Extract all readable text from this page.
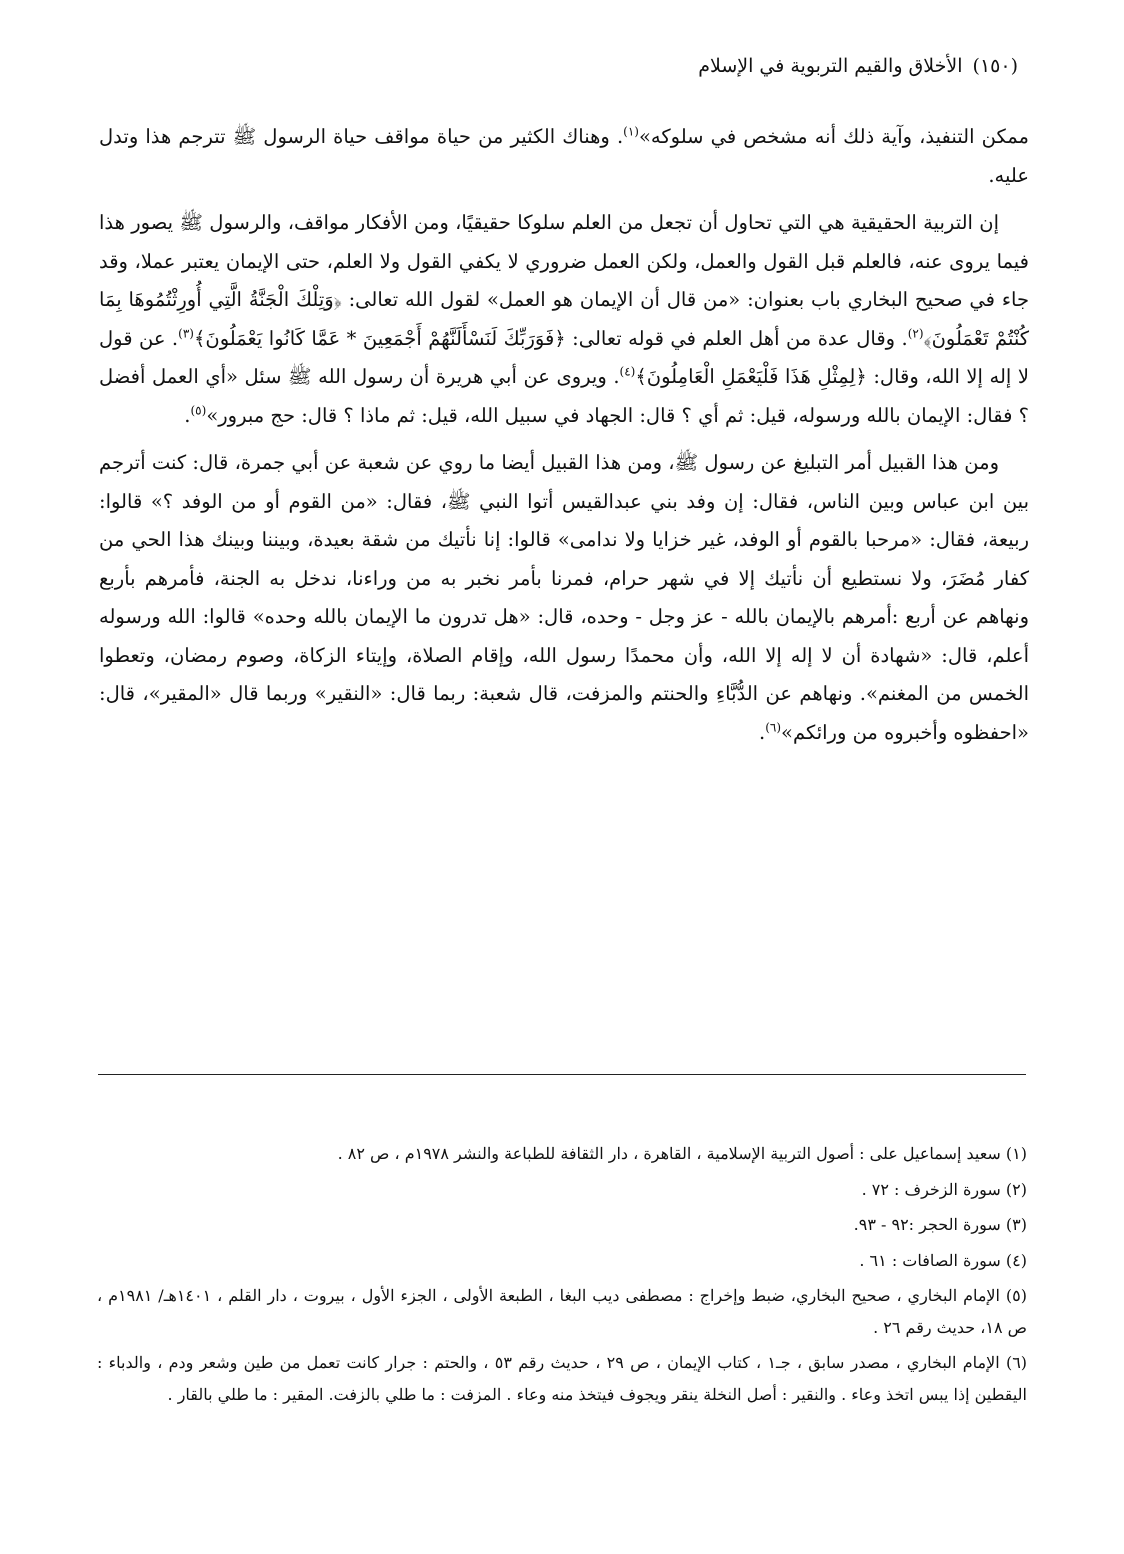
(١٥٠) الأخلاق والقيم التربوية في الإسلام

ممكن التنفيذ، وآية ذلك أنه مشخص في سلوكه»$^{(١)}$. وهناك الكثير من حياة مواقف حياة الرسول ﷺ تترجم هذا وتدل عليه.

إن التربية الحقيقية هي التي تحاول أن تجعل من العلم سلوكا حقيقيًا، ومن الأفكار مواقف، والرسول ﷺ يصور هذا فيما يروى عنه، فالعلم قبل القول والعمل، ولكن العمل ضروري لا يكفي القول ولا العلم، حتى الإيمان يعتبر عملا، وقد جاء في صحيح البخاري باب بعنوان: «من قال أن الإيمان هو العمل» لقول الله تعالى: ﴿وَتِلْكَ الْجَنَّةُ الَّتِي أُورِثْتُمُوهَا بِمَا كُنْتُمْ تَعْمَلُونَ﴾$^{(٢)}$. وقال عدة من أهل العلم في قوله تعالى: ﴿فَوَرَبِّكَ لَنَسْأَلَنَّهُمْ أَجْمَعِينَ * عَمَّا كَانُوا يَعْمَلُونَ﴾$^{(٣)}$. عن قول لا إله إلا الله، وقال: ﴿لِمِثْلِ هَذَا فَلْيَعْمَلِ الْعَامِلُونَ﴾$^{(٤)}$. ويروى عن أبي هريرة أن رسول الله ﷺ سئل «أي العمل أفضل ؟ فقال: الإيمان بالله ورسوله، قيل: ثم أي ؟ قال: الجهاد في سبيل الله، قيل: ثم ماذا ؟ قال: حج مبرور»$^{(٥)}$.

ومن هذا القبيل أمر التبليغ عن رسول ﷺ، ومن هذا القبيل أيضا ما روي عن شعبة عن أبي جمرة، قال: كنت أترجم بين ابن عباس وبين الناس، فقال: إن وفد بني عبدالقيس أتوا النبي ﷺ، فقال: «من القوم أو من الوفد ؟» قالوا: ربيعة، فقال: «مرحبا بالقوم أو الوفد، غير خزايا ولا ندامى» قالوا: إنا نأتيك من شقة بعيدة، وبيننا وبينك هذا الحي من كفار مُضَرَ، ولا نستطيع أن نأتيك إلا في شهر حرام، فمرنا بأمر نخبر به من وراءنا، ندخل به الجنة، فأمرهم بأربع ونهاهم عن أربع :أمرهم بالإيمان بالله - عز وجل - وحده، قال: «هل تدرون ما الإيمان بالله وحده» قالوا: الله ورسوله أعلم، قال: «شهادة أن لا إله إلا الله، وأن محمدًا رسول الله، وإقام الصلاة، وإيتاء الزكاة، وصوم رمضان، وتعطوا الخمس من المغنم». ونهاهم عن الدُّبَّاءِ والحنتم والمزفت، قال شعبة: ربما قال: «النقير» وربما قال «المقير»، قال: «احفظوه وأخبروه من ورائكم»$^{(٦)}$.

(١) سعيد إسماعيل على : أصول التربية الإسلامية ، القاهرة ، دار الثقافة للطباعة والنشر ١٩٧٨م ، ص ٨٢ .

(٢) سورة الزخرف : ٧٢ .

(٣) سورة الحجر :٩٢ - ٩٣.

(٤) سورة الصافات : ٦١ .

(٥) الإمام البخاري ، صحيح البخاري، ضبط وإخراج : مصطفى ديب البغا ، الطبعة الأولى ، الجزء الأول ، بيروت ، دار القلم ، ١٤٠١هـ/ ١٩٨١م ، ص ١٨، حديث رقم ٢٦ .

(٦) الإمام البخاري ، مصدر سابق ، جـ١ ، كتاب الإيمان ، ص ٢٩ ، حديث رقم ٥٣ ، والحتم : جرار كانت تعمل من طين وشعر ودم ، والدباء : اليقطين إذا يبس اتخذ وعاء . والنقير : أصل النخلة ينقر ويجوف فيتخذ منه وعاء . المزفت : ما طلي بالزفت. المقير : ما طلي بالقار .
